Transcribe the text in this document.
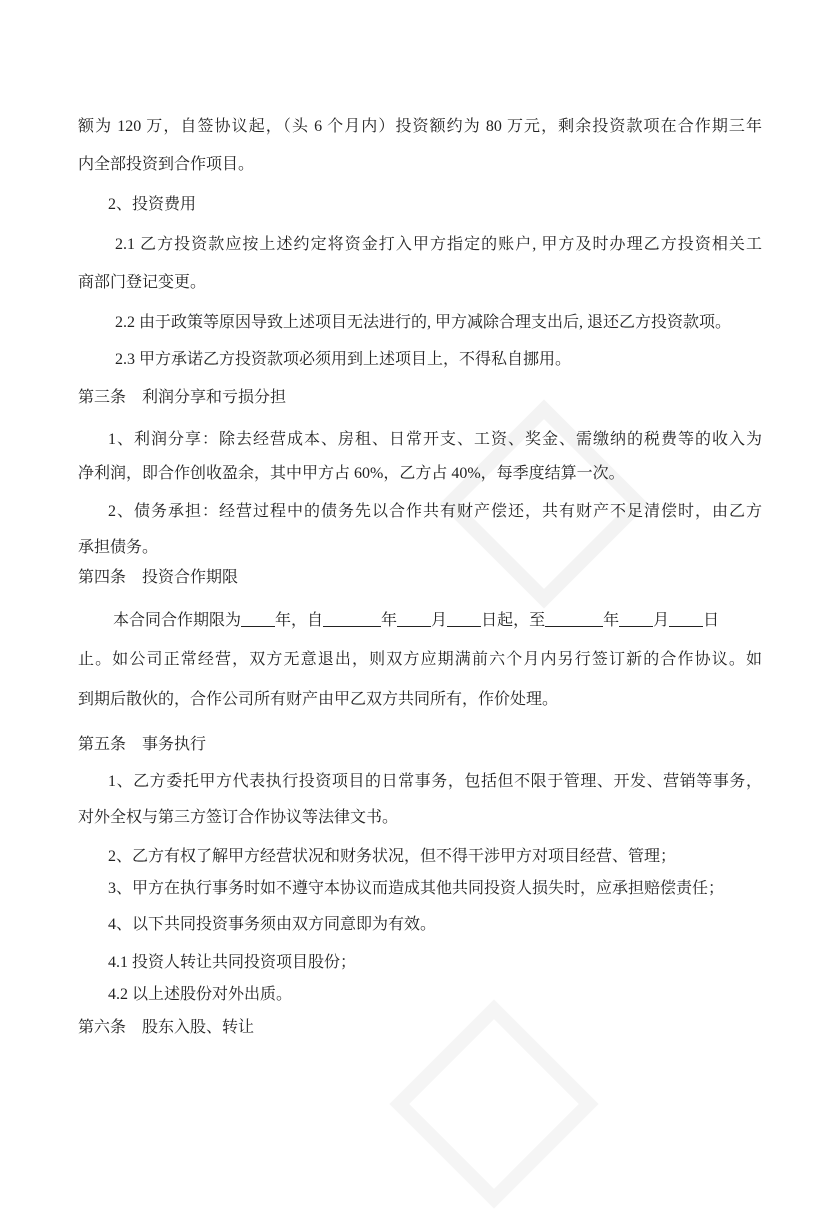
额为 120 万，自签协议起，（头 6 个月内）投资额约为 80 万元，剩余投资款项在合作期三年
内全部投资到合作项目。
2、投资费用
2.1 乙方投资款应按上述约定将资金打入甲方指定的账户, 甲方及时办理乙方投资相关工
商部门登记变更。
2.2 由于政策等原因导致上述项目无法进行的, 甲方减除合理支出后, 退还乙方投资款项。
2.3 甲方承诺乙方投资款项必须用到上述项目上，不得私自挪用。
第三条　利润分享和亏损分担
1、利润分享：除去经营成本、房租、日常开支、工资、奖金、需缴纳的税费等的收入为
净利润，即合作创收盈余，其中甲方占 60%，乙方占 40%，每季度结算一次。
2、债务承担：经营过程中的债务先以合作共有财产偿还，共有财产不足清偿时，由乙方
承担债务。
第四条　投资合作期限
本合同合作期限为 年，自	年 月 日起，至	年 月 日
止。如公司正常经营，双方无意退出，则双方应期满前六个月内另行签订新的合作协议。如
到期后散伙的，合作公司所有财产由甲乙双方共同所有，作价处理。
第五条　事务执行
1、乙方委托甲方代表执行投资项目的日常事务，包括但不限于管理、开发、营销等事务，
对外全权与第三方签订合作协议等法律文书。
2、乙方有权了解甲方经营状况和财务状况，但不得干涉甲方对项目经营、管理；
3、甲方在执行事务时如不遵守本协议而造成其他共同投资人损失时，应承担赔偿责任；
4、以下共同投资事务须由双方同意即为有效。
4.1 投资人转让共同投资项目股份；
4.2 以上述股份对外出质。
第六条　股东入股、转让
